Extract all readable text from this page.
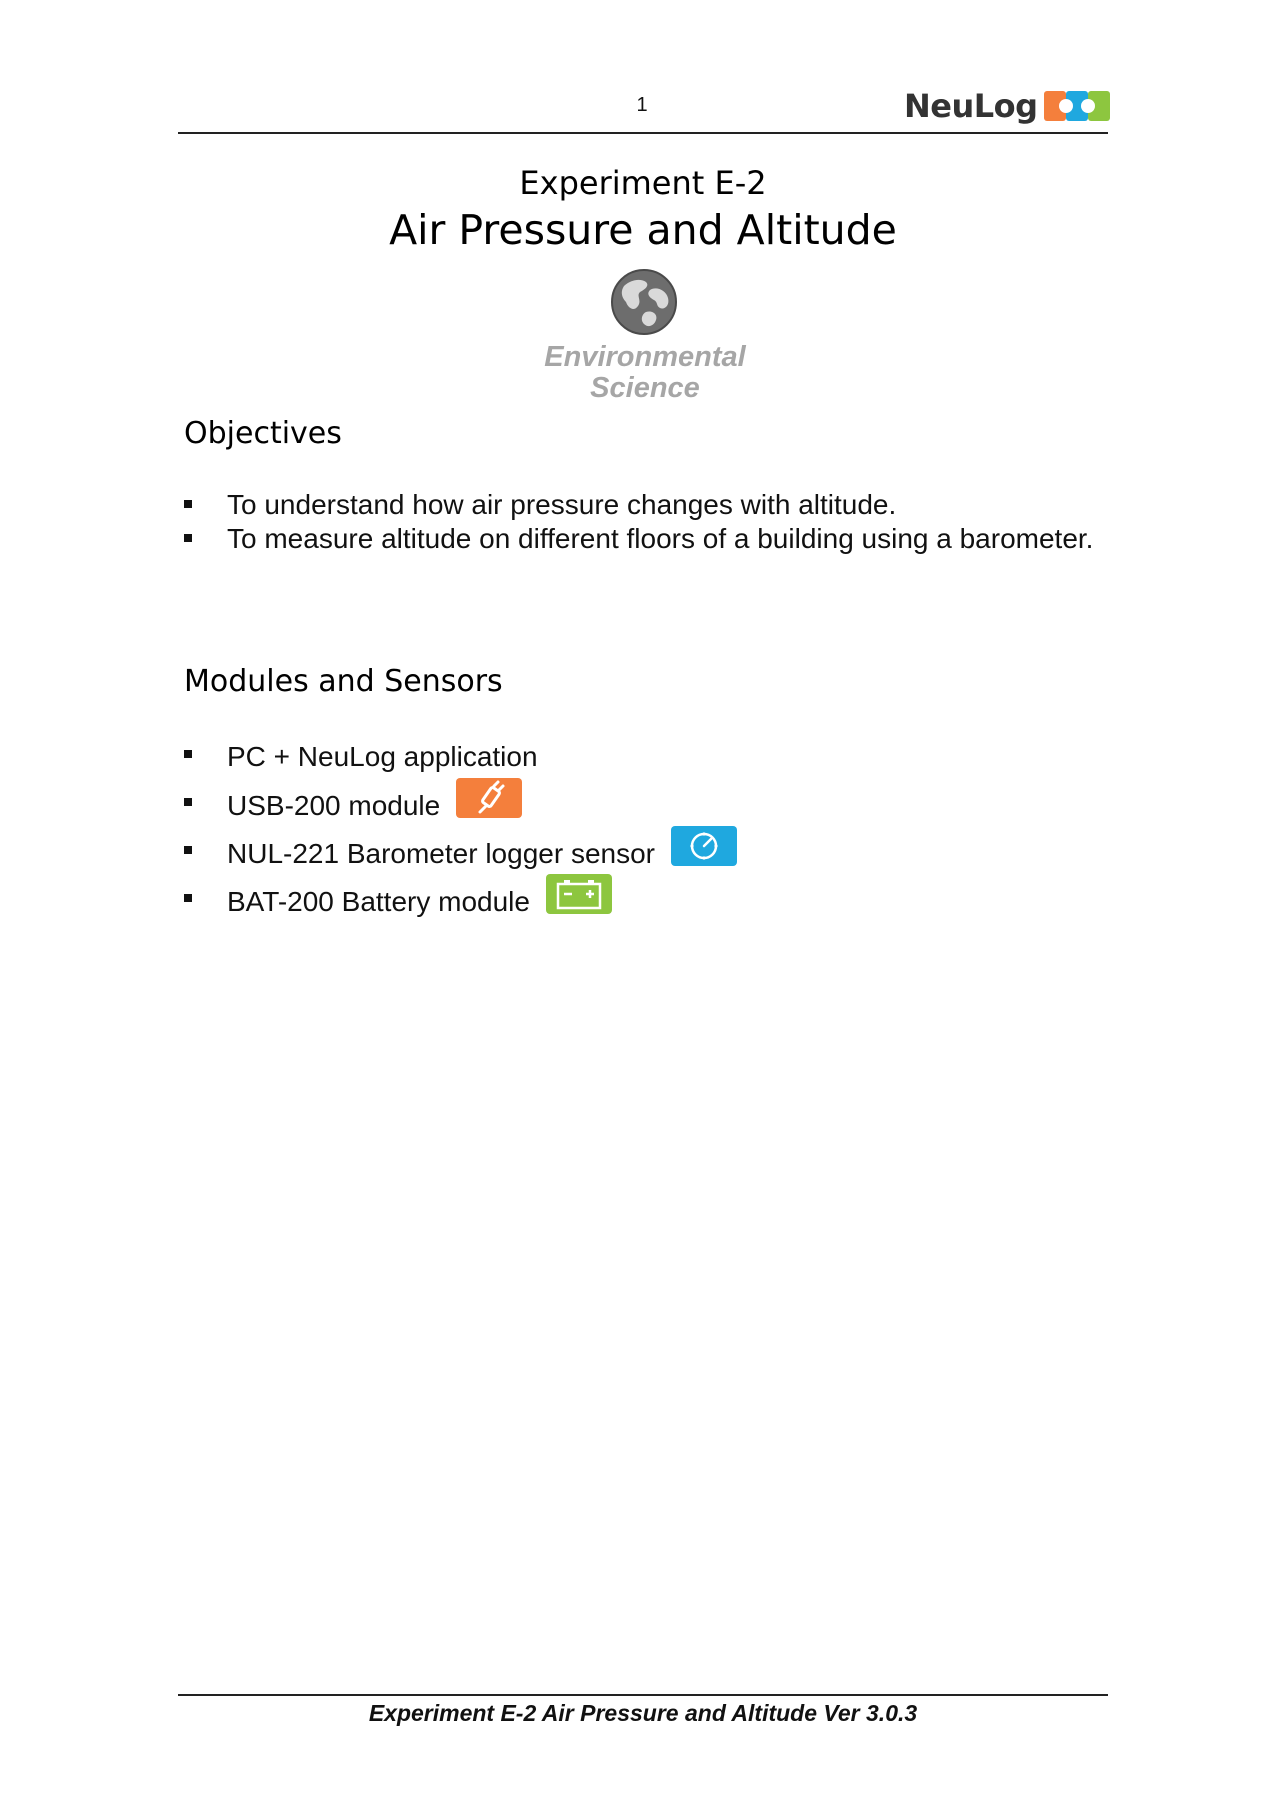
1	NeuLog
Experiment E-2
Air Pressure and Altitude
Environmental
Science
Objectives
To understand how air pressure changes with altitude.
To measure altitude on different floors of a building using a barometer.
Modules and Sensors
PC + NeuLog application
USB-200 module
NUL-221 Barometer logger sensor
BAT-200 Battery module
Experiment E-2 Air Pressure and Altitude Ver 3.0.3
